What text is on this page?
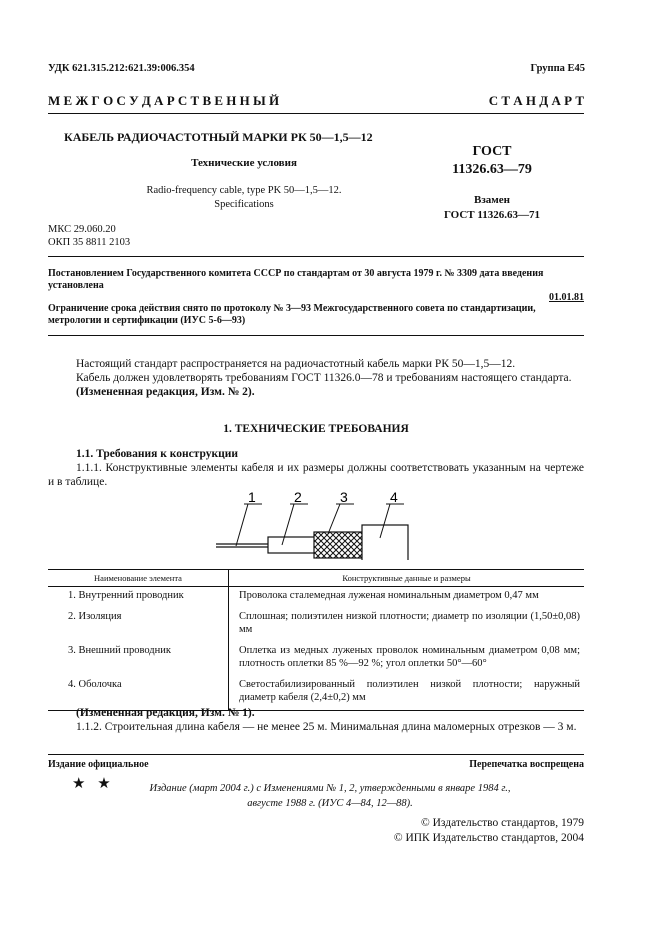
УДК 621.315.212:621.39:006.354	Группа Е45
М Е Ж Г О С У Д А Р С Т В Е Н Н Ы Й	С Т А Н Д А Р Т
КАБЕЛЬ РАДИОЧАСТОТНЫЙ МАРКИ РК 50—1,5—12
Технические условия
Radio-frequency cable, type PK 50—1,5—12.
Specifications
ГОСТ
11326.63—79
Взамен
ГОСТ 11326.63—71
МКС 29.060.20
ОКП 35 8811 2103
Постановлением Государственного комитета СССР по стандартам от 30 августа 1979 г. № 3309 дата введения установлена
01.01.81
Ограничение срока действия снято по протоколу № 3—93 Межгосударственного совета по стандартизации, метрологии и сертификации (ИУС 5-6—93)
Настоящий стандарт распространяется на радиочастотный кабель марки РК 50—1,5—12.
Кабель должен удовлетворять требованиям ГОСТ 11326.0—78 и требованиям настоящего стандарта.
(Измененная редакция, Изм. № 2).
1. ТЕХНИЧЕСКИЕ ТРЕБОВАНИЯ
1.1. Требования к конструкции
1.1.1. Конструктивные элементы кабеля и их размеры должны соответствовать указанным на чертеже и в таблице.
1	2	3	4
Наименование элемента	Конструктивные данные и размеры
1. Внутренний проводник	Проволока сталемедная луженая номинальным диаметром 0,47 мм
2. Изоляция	Сплошная; полиэтилен низкой плотности; диаметр по изоляции (1,50±0,08) мм
3. Внешний проводник	Оплетка из медных луженых проволок номинальным диаметром 0,08 мм; плотность оплетки 85 %—92 %; угол оплетки 50°—60°
4. Оболочка	Светостабилизированный полиэтилен низкой плотности; наружный диаметр кабеля (2,4±0,2) мм
(Измененная редакция, Изм. № 1).
1.1.2. Строительная длина кабеля — не менее 25 м. Минимальная длина маломерных отрезков — 3 м.
Издание официальное	Перепечатка воспрещена
★ ★	Издание (март 2004 г.) с Изменениями № 1, 2, утвержденными в январе 1984 г.,
августе 1988 г. (ИУС 4—84, 12—88).
© Издательство стандартов, 1979
© ИПК Издательство стандартов, 2004
